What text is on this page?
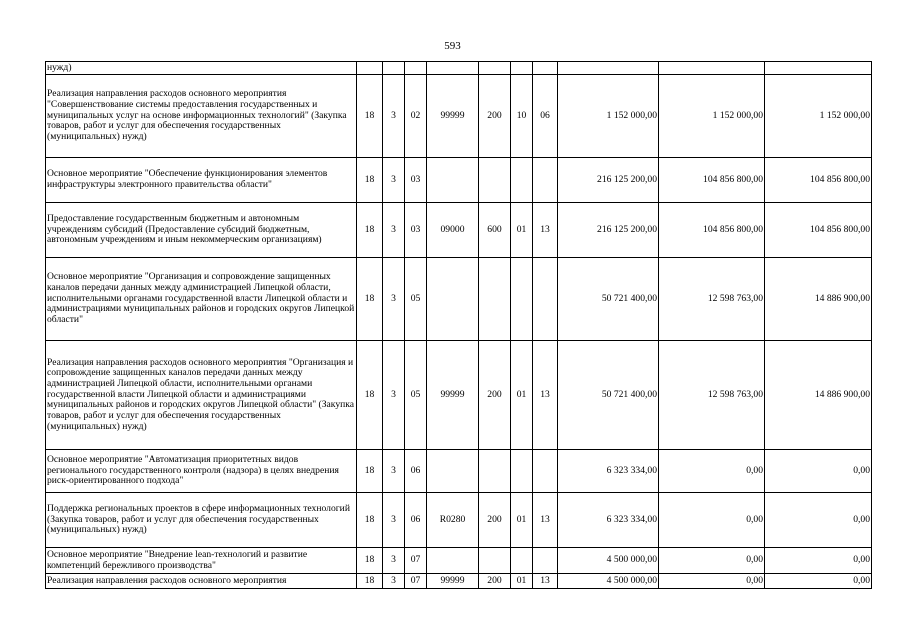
593
нужд)										
Реализация направления расходов основного мероприятия "Совершенствование системы предоставления государственных и муниципальных услуг на основе информационных технологий" (Закупка товаров, работ и услуг для обеспечения государственных (муниципальных) нужд)	18	3	02	99999	200	10	06	1 152 000,00	1 152 000,00	1 152 000,00
Основное мероприятие "Обеспечение функционирования элементов инфраструктуры электронного правительства области"	18	3	03					216 125 200,00	104 856 800,00	104 856 800,00
Предоставление государственным бюджетным и автономным учреждениям субсидий (Предоставление субсидий бюджетным, автономным учреждениям и иным некоммерческим организациям)	18	3	03	09000	600	01	13	216 125 200,00	104 856 800,00	104 856 800,00
Основное мероприятие "Организация и сопровождение защищенных каналов передачи данных между администрацией Липецкой области, исполнительными органами государственной власти Липецкой области и администрациями муниципальных районов и городских округов Липецкой области"	18	3	05					50 721 400,00	12 598 763,00	14 886 900,00
Реализация направления расходов основного мероприятия "Организация и сопровождение защищенных каналов передачи данных между администрацией Липецкой области, исполнительными органами государственной власти Липецкой области и администрациями муниципальных районов и городских округов Липецкой области" (Закупка товаров, работ и услуг для обеспечения государственных (муниципальных) нужд)	18	3	05	99999	200	01	13	50 721 400,00	12 598 763,00	14 886 900,00
Основное мероприятие "Автоматизация приоритетных видов регионального государственного контроля (надзора) в целях внедрения риск-ориентированного подхода"	18	3	06					6 323 334,00	0,00	0,00
Поддержка региональных проектов в сфере информационных технологий (Закупка товаров, работ и услуг для обеспечения государственных (муниципальных) нужд)	18	3	06	R0280	200	01	13	6 323 334,00	0,00	0,00
Основное мероприятие "Внедрение lean-технологий и развитие компетенций бережливого производства"	18	3	07					4 500 000,00	0,00	0,00
Реализация направления расходов основного мероприятия	18	3	07	99999	200	01	13	4 500 000,00	0,00	0,00
